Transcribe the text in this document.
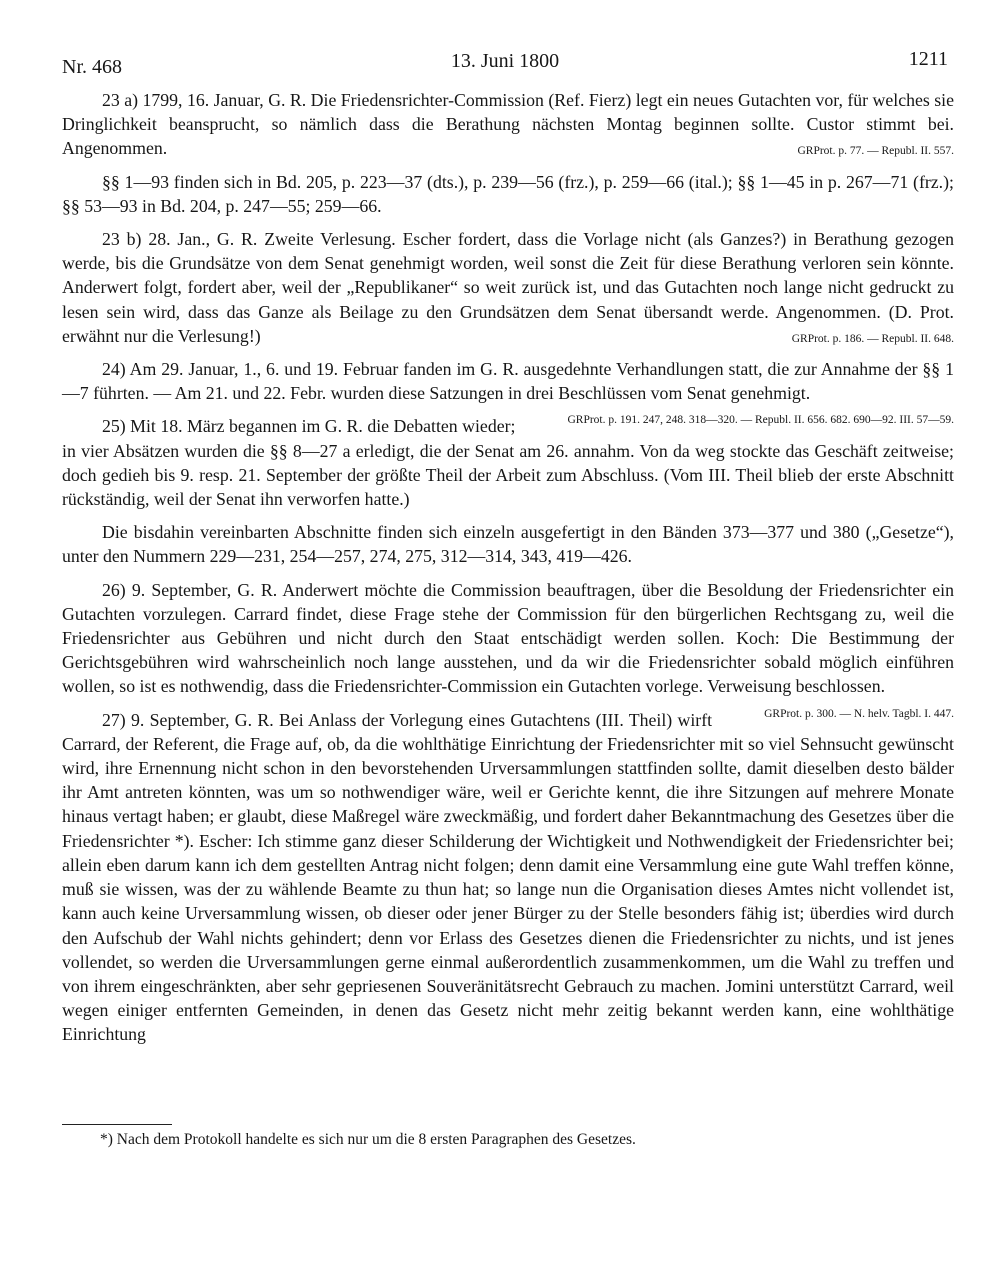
Nr. 468	13. Juni 1800	1211

23 a) 1799, 16. Januar, G. R. Die Friedensrichter-Commission (Ref. Fierz) legt ein neues Gutachten vor, für welches sie Dringlichkeit beansprucht, so nämlich dass die Berathung nächsten Montag beginnen sollte. Custor stimmt bei. Angenommen.	GRProt. p. 77. — Republ. II. 557.

§§ 1—93 finden sich in Bd. 205, p. 223—37 (dts.), p. 239—56 (frz.), p. 259—66 (ital.); §§ 1—45 in p. 267—71 (frz.); §§ 53—93 in Bd. 204, p. 247—55; 259—66.

23 b) 28. Jan., G. R. Zweite Verlesung. Escher fordert, dass die Vorlage nicht (als Ganzes?) in Berathung gezogen werde, bis die Grundsätze von dem Senat genehmigt worden, weil sonst die Zeit für diese Berathung verloren sein könnte. Anderwert folgt, fordert aber, weil der „Republikaner“ so weit zurück ist, und das Gutachten noch lange nicht gedruckt zu lesen sein wird, dass das Ganze als Beilage zu den Grundsätzen dem Senat übersandt werde. Angenommen. (D. Prot. erwähnt nur die Verlesung!)	GRProt. p. 186. — Republ. II. 648.

24) Am 29. Januar, 1., 6. und 19. Februar fanden im G. R. ausgedehnte Verhandlungen statt, die zur Annahme der §§ 1—7 führten. — Am 21. und 22. Febr. wurden diese Satzungen in drei Beschlüssen vom Senat genehmigt.
GRProt. p. 191. 247, 248. 318—320. — Republ. II. 656. 682. 690—92. III. 57—59.

25) Mit 18. März begannen im G. R. die Debatten wieder; in vier Absätzen wurden die §§ 8—27 a erledigt, die der Senat am 26. annahm. Von da weg stockte das Geschäft zeitweise; doch gedieh bis 9. resp. 21. September der größte Theil der Arbeit zum Abschluss. (Vom III. Theil blieb der erste Abschnitt rückständig, weil der Senat ihn verworfen hatte.)

Die bisdahin vereinbarten Abschnitte finden sich einzeln ausgefertigt in den Bänden 373—377 und 380 („Gesetze“), unter den Nummern 229—231, 254—257, 274, 275, 312—314, 343, 419—426.

26) 9. September, G. R. Anderwert möchte die Commission beauftragen, über die Besoldung der Friedensrichter ein Gutachten vorzulegen. Carrard findet, diese Frage stehe der Commission für den bürgerlichen Rechtsgang zu, weil die Friedensrichter aus Gebühren und nicht durch den Staat entschädigt werden sollen. Koch: Die Bestimmung der Gerichtsgebühren wird wahrscheinlich noch lange ausstehen, und da wir die Friedensrichter sobald möglich einführen wollen, so ist es nothwendig, dass die Friedensrichter-Commission ein Gutachten vorlege. Verweisung beschlossen.
GRProt. p. 300. — N. helv. Tagbl. I. 447.

27) 9. September, G. R. Bei Anlass der Vorlegung eines Gutachtens (III. Theil) wirft Carrard, der Referent, die Frage auf, ob, da die wohlthätige Einrichtung der Friedensrichter mit so viel Sehnsucht gewünscht wird, ihre Ernennung nicht schon in den bevorstehenden Urversammlungen stattfinden sollte, damit dieselben desto bälder ihr Amt antreten könnten, was um so nothwendiger wäre, weil er Gerichte kennt, die ihre Sitzungen auf mehrere Monate hinaus vertagt haben; er glaubt, diese Maßregel wäre zweckmäßig, und fordert daher Bekanntmachung des Gesetzes über die Friedensrichter *). Escher: Ich stimme ganz dieser Schilderung der Wichtigkeit und Nothwendigkeit der Friedensrichter bei; allein eben darum kann ich dem gestellten Antrag nicht folgen; denn damit eine Versammlung eine gute Wahl treffen könne, muß sie wissen, was der zu wählende Beamte zu thun hat; so lange nun die Organisation dieses Amtes nicht vollendet ist, kann auch keine Urversammlung wissen, ob dieser oder jener Bürger zu der Stelle besonders fähig ist; überdies wird durch den Aufschub der Wahl nichts gehindert; denn vor Erlass des Gesetzes dienen die Friedensrichter zu nichts, und ist jenes vollendet, so werden die Urversammlungen gerne einmal außerordentlich zusammenkommen, um die Wahl zu treffen und von ihrem eingeschränkten, aber sehr gepriesenen Souveränitätsrecht Gebrauch zu machen. Jomini unterstützt Carrard, weil wegen einiger entfernten Gemeinden, in denen das Gesetz nicht mehr zeitig bekannt werden kann, eine wohlthätige Einrichtung

*) Nach dem Protokoll handelte es sich nur um die 8 ersten Paragraphen des Gesetzes.
